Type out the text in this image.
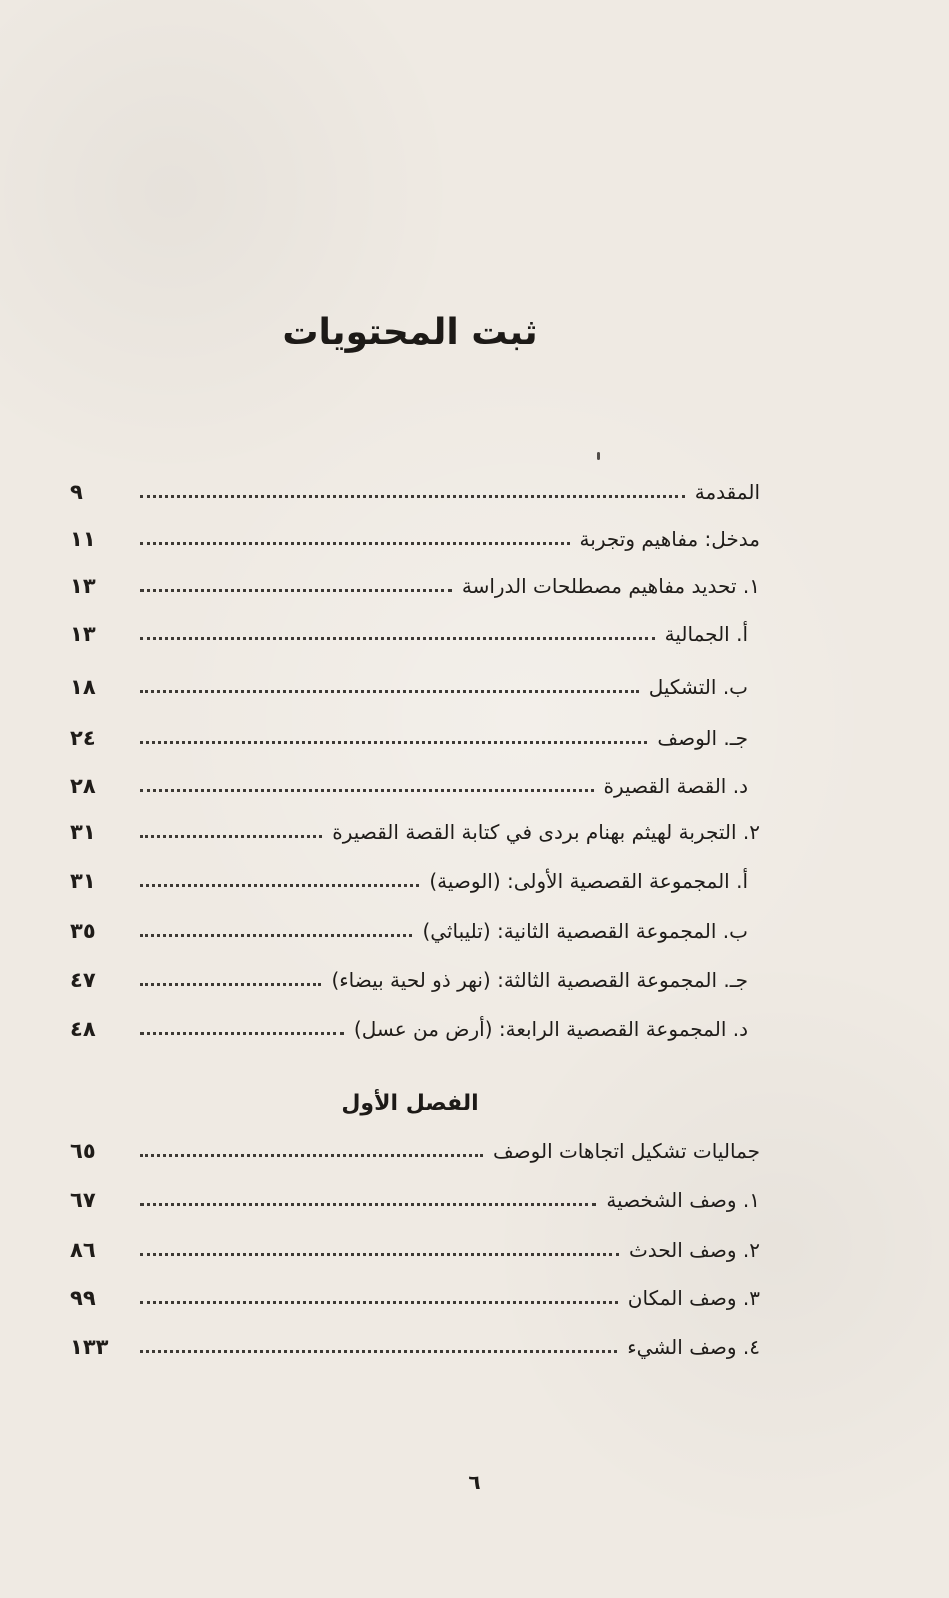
ثبت المحتويات
٩	المقدمة
١١	مدخل: مفاهيم وتجربة
١٣	١. تحديد مفاهيم مصطلحات الدراسة
١٣	أ. الجمالية
١٨	ب. التشكيل
٢٤	جـ. الوصف
٢٨	د. القصة القصيرة
٣١	٢. التجربة لهيثم بهنام بردى في كتابة القصة القصيرة
٣١	أ. المجموعة القصصية الأولى: (الوصية)
٣٥	ب. المجموعة القصصية الثانية: (تليباثي)
٤٧	جـ. المجموعة القصصية الثالثة: (نهر ذو لحية بيضاء)
٤٨	د. المجموعة القصصية الرابعة: (أرض من عسل)
الفصل الأول
٦٥	جماليات تشكيل اتجاهات الوصف
٦٧	١. وصف الشخصية
٨٦	٢. وصف الحدث
٩٩	٣. وصف المكان
١٣٣	٤. وصف الشيء
٦
